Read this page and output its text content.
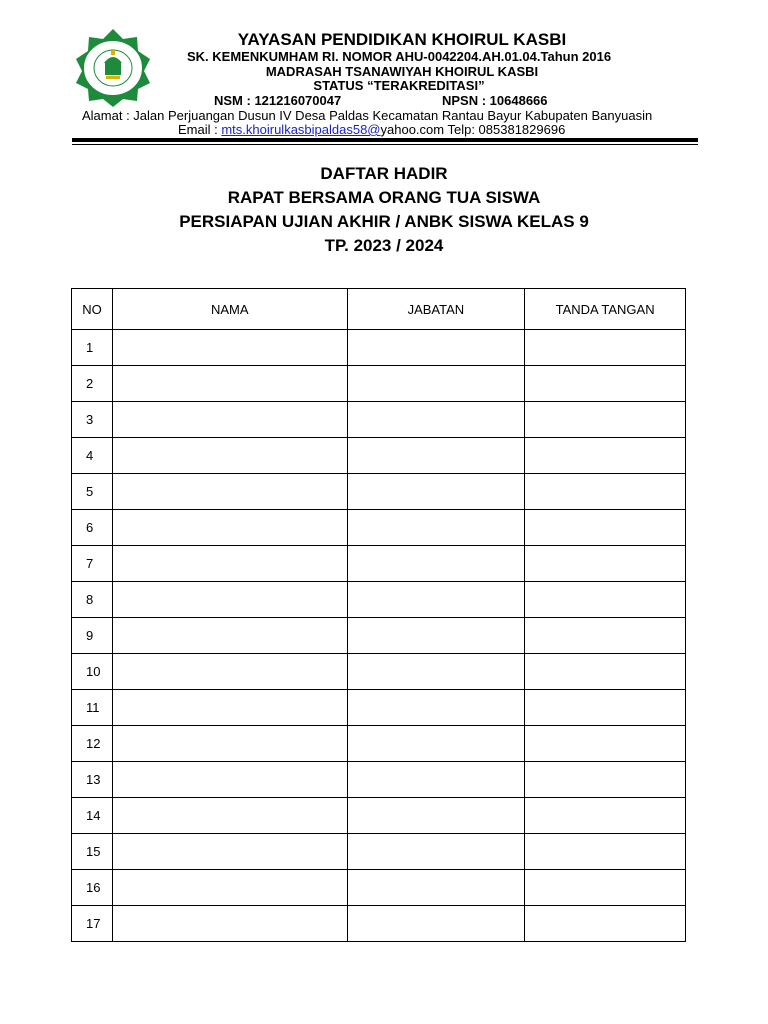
YAYASAN PENDIDIKAN KHOIRUL KASBI
SK. KEMENKUMHAM RI. NOMOR AHU-0042204.AH.01.04.Tahun 2016
MADRASAH TSANAWIYAH KHOIRUL KASBI
STATUS “TERAKREDITASI”
NSM : 121216070047	NPSN : 10648666
Alamat : Jalan Perjuangan Dusun IV Desa Paldas Kecamatan Rantau Bayur Kabupaten Banyuasin
Email : mts.khoirulkasbipaldas58@yahoo.com Telp: 085381829696
DAFTAR HADIR
RAPAT BERSAMA ORANG TUA SISWA
PERSIAPAN UJIAN AKHIR / ANBK SISWA KELAS 9
TP. 2023 / 2024
NO	NAMA	JABATAN	TANDA TANGAN
1			
2			
3			
4			
5			
6			
7			
8			
9			
10			
11			
12			
13			
14			
15			
16			
17			
